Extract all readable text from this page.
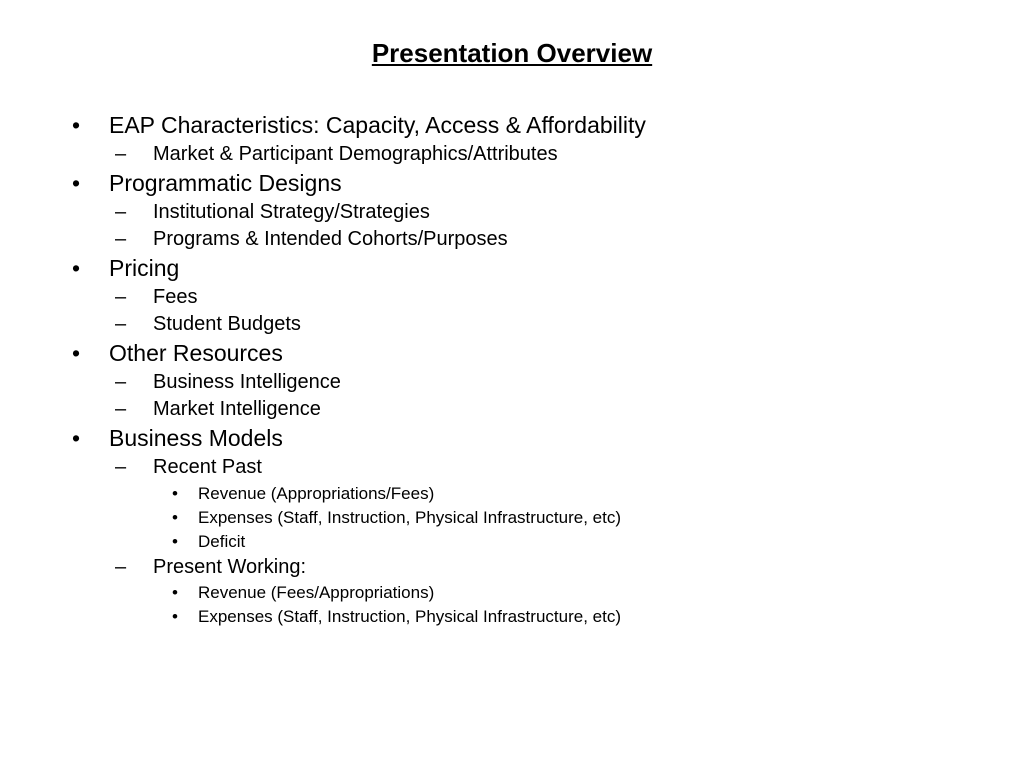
Presentation Overview
• EAP Characteristics: Capacity, Access & Affordability
– Market & Participant Demographics/Attributes
• Programmatic Designs
– Institutional Strategy/Strategies
– Programs & Intended Cohorts/Purposes
• Pricing
– Fees
– Student Budgets
• Other Resources
– Business Intelligence
– Market Intelligence
• Business Models
– Recent Past
• Revenue (Appropriations/Fees)
• Expenses (Staff, Instruction, Physical Infrastructure, etc)
• Deficit
– Present Working:
• Revenue (Fees/Appropriations)
• Expenses (Staff, Instruction, Physical Infrastructure, etc)
